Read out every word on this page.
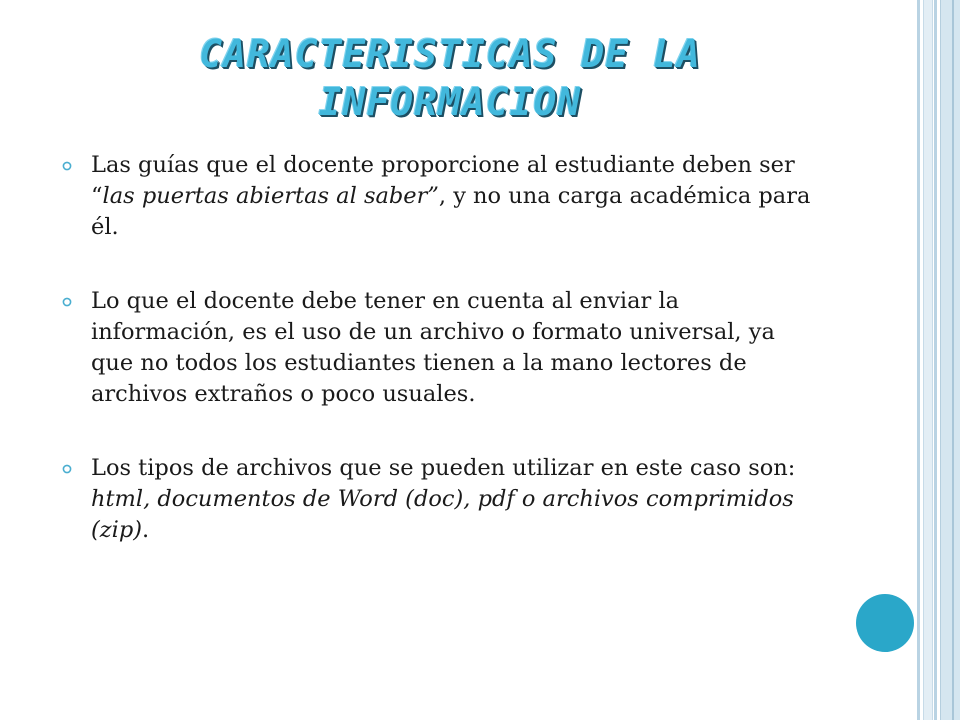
CARACTERISTICAS DE LA
INFORMACION
Las guías que el docente proporcione al estudiante deben ser “las puertas abiertas al saber”, y no una carga académica para él.
Lo que el docente debe tener en cuenta al enviar la información, es el uso de un archivo o formato universal, ya que no todos los estudiantes tienen a la mano lectores de archivos extraños o poco usuales.
Los tipos de archivos que se pueden utilizar en este caso son: html, documentos de Word (doc), pdf o archivos comprimidos (zip).
